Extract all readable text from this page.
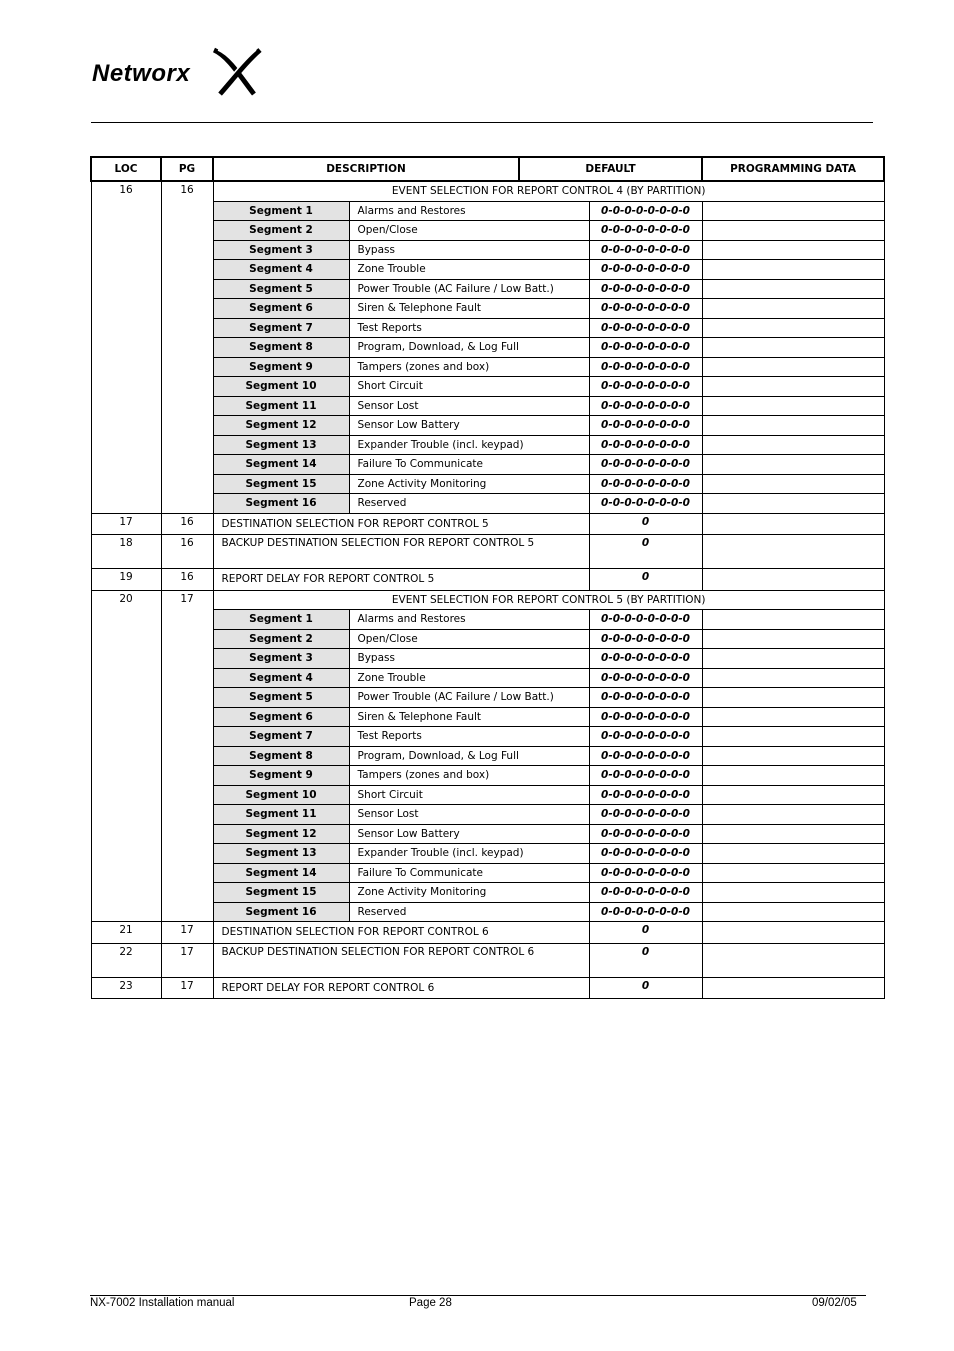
Networx
LOC	PG	DESCRIPTION		DEFAULT		PROGRAMMING DATA
16	16	EVENT SELECTION FOR REPORT CONTROL 4 (BY PARTITION)				
		Segment 1	Alarms and Restores		0-0-0-0-0-0-0-0	
		Segment 2	Open/Close		0-0-0-0-0-0-0-0	
		Segment 3	Bypass		0-0-0-0-0-0-0-0	
		Segment 4	Zone Trouble		0-0-0-0-0-0-0-0	
		Segment 5	Power Trouble (AC Failure / Low Batt.)		0-0-0-0-0-0-0-0	
		Segment 6	Siren & Telephone Fault		0-0-0-0-0-0-0-0	
		Segment 7	Test Reports		0-0-0-0-0-0-0-0	
		Segment 8	Program, Download, & Log Full		0-0-0-0-0-0-0-0	
		Segment 9	Tampers (zones and box)		0-0-0-0-0-0-0-0	
		Segment 10	Short Circuit		0-0-0-0-0-0-0-0	
		Segment 11	Sensor Lost		0-0-0-0-0-0-0-0	
		Segment 12	Sensor Low Battery		0-0-0-0-0-0-0-0	
		Segment 13	Expander Trouble (incl. keypad)		0-0-0-0-0-0-0-0	
		Segment 14	Failure To Communicate		0-0-0-0-0-0-0-0	
		Segment 15	Zone Activity Monitoring		0-0-0-0-0-0-0-0	
		Segment 16	Reserved		0-0-0-0-0-0-0-0	
17	16	DESTINATION SELECTION FOR REPORT CONTROL 5			0	
18	16	BACKUP DESTINATION SELECTION FOR REPORT CONTROL 5			0	
19	16	REPORT DELAY FOR REPORT CONTROL 5			0	
20	17	EVENT SELECTION FOR REPORT CONTROL 5 (BY PARTITION)				
		Segment 1	Alarms and Restores		0-0-0-0-0-0-0-0	
		Segment 2	Open/Close		0-0-0-0-0-0-0-0	
		Segment 3	Bypass		0-0-0-0-0-0-0-0	
		Segment 4	Zone Trouble		0-0-0-0-0-0-0-0	
		Segment 5	Power Trouble (AC Failure / Low Batt.)		0-0-0-0-0-0-0-0	
		Segment 6	Siren & Telephone Fault		0-0-0-0-0-0-0-0	
		Segment 7	Test Reports		0-0-0-0-0-0-0-0	
		Segment 8	Program, Download, & Log Full		0-0-0-0-0-0-0-0	
		Segment 9	Tampers (zones and box)		0-0-0-0-0-0-0-0	
		Segment 10	Short Circuit		0-0-0-0-0-0-0-0	
		Segment 11	Sensor Lost		0-0-0-0-0-0-0-0	
		Segment 12	Sensor Low Battery		0-0-0-0-0-0-0-0	
		Segment 13	Expander Trouble (incl. keypad)		0-0-0-0-0-0-0-0	
		Segment 14	Failure To Communicate		0-0-0-0-0-0-0-0	
		Segment 15	Zone Activity Monitoring		0-0-0-0-0-0-0-0	
		Segment 16	Reserved		0-0-0-0-0-0-0-0	
21	17	DESTINATION SELECTION FOR REPORT CONTROL 6			0	
22	17	BACKUP DESTINATION SELECTION FOR REPORT CONTROL 6			0	
23	17	REPORT DELAY FOR REPORT CONTROL 6			0	
NX-7002 Installation manual	Page 28	09/02/05
